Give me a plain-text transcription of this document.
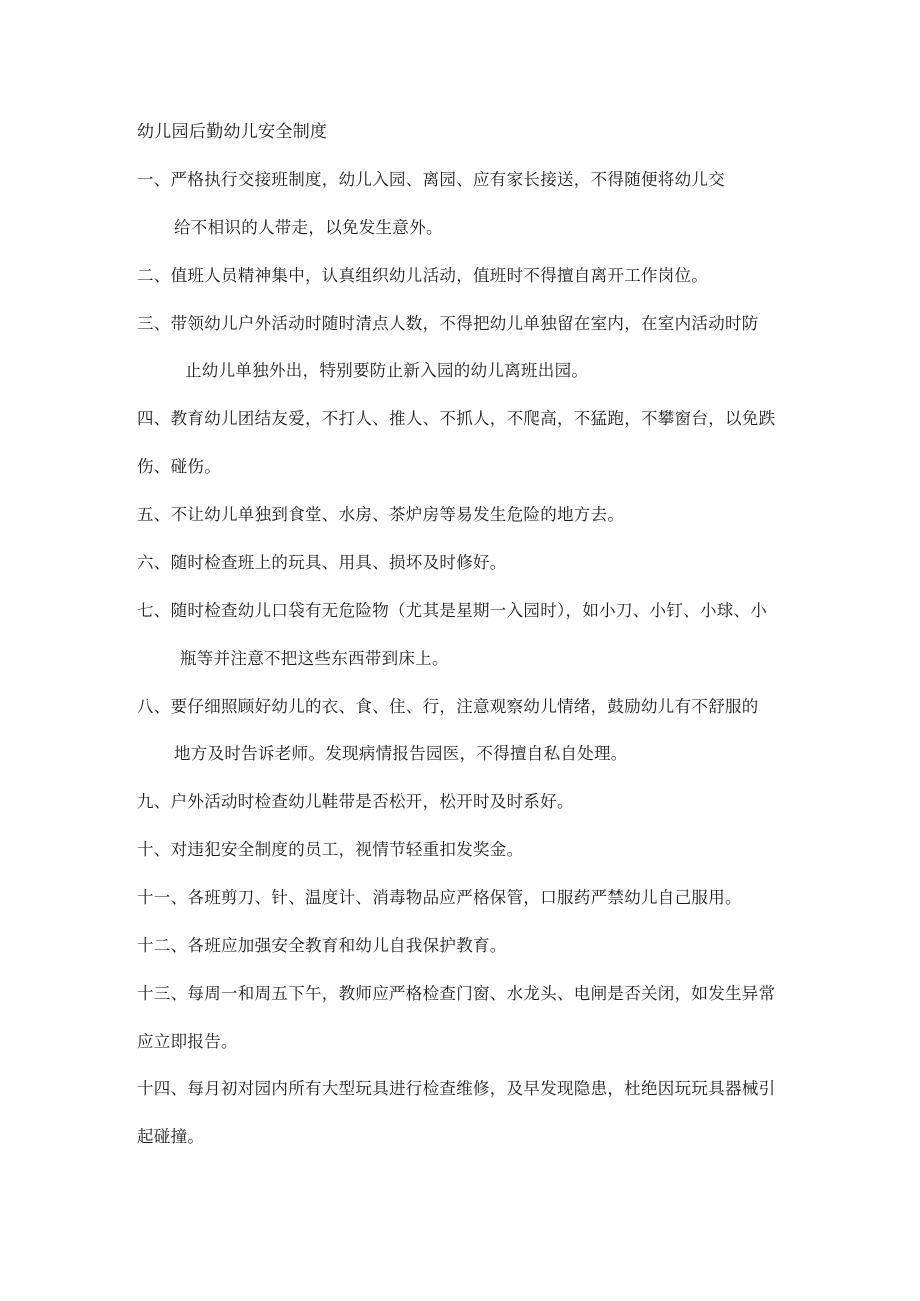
幼儿园后勤幼儿安全制度
一、严格执行交接班制度，幼儿入园、离园、应有家长接送，不得随便将幼儿交
给不相识的人带走，以免发生意外。
二、值班人员精神集中，认真组织幼儿活动，值班时不得擅自离开工作岗位。
三、带领幼儿户外活动时随时清点人数，不得把幼儿单独留在室内，在室内活动时防
止幼儿单独外出，特别要防止新入园的幼儿离班出园。
四、教育幼儿团结友爱，不打人、推人、不抓人，不爬高，不猛跑，不攀窗台，以免跌
伤、碰伤。
五、不让幼儿单独到食堂、水房、茶炉房等易发生危险的地方去。
六、随时检查班上的玩具、用具、损坏及时修好。
七、随时检查幼儿口袋有无危险物（尤其是星期一入园时），如小刀、小钉、小球、小
瓶等并注意不把这些东西带到床上。
八、要仔细照顾好幼儿的衣、食、住、行，注意观察幼儿情绪，鼓励幼儿有不舒服的
地方及时告诉老师。发现病情报告园医，不得擅自私自处理。
九、户外活动时检查幼儿鞋带是否松开，松开时及时系好。
十、对违犯安全制度的员工，视情节轻重扣发奖金。
十一、各班剪刀、针、温度计、消毒物品应严格保管，口服药严禁幼儿自己服用。
十二、各班应加强安全教育和幼儿自我保护教育。
十三、每周一和周五下午，教师应严格检查门窗、水龙头、电闸是否关闭，如发生异常
应立即报告。
十四、每月初对园内所有大型玩具进行检查维修，及早发现隐患，杜绝因玩玩具器械引
起碰撞。
